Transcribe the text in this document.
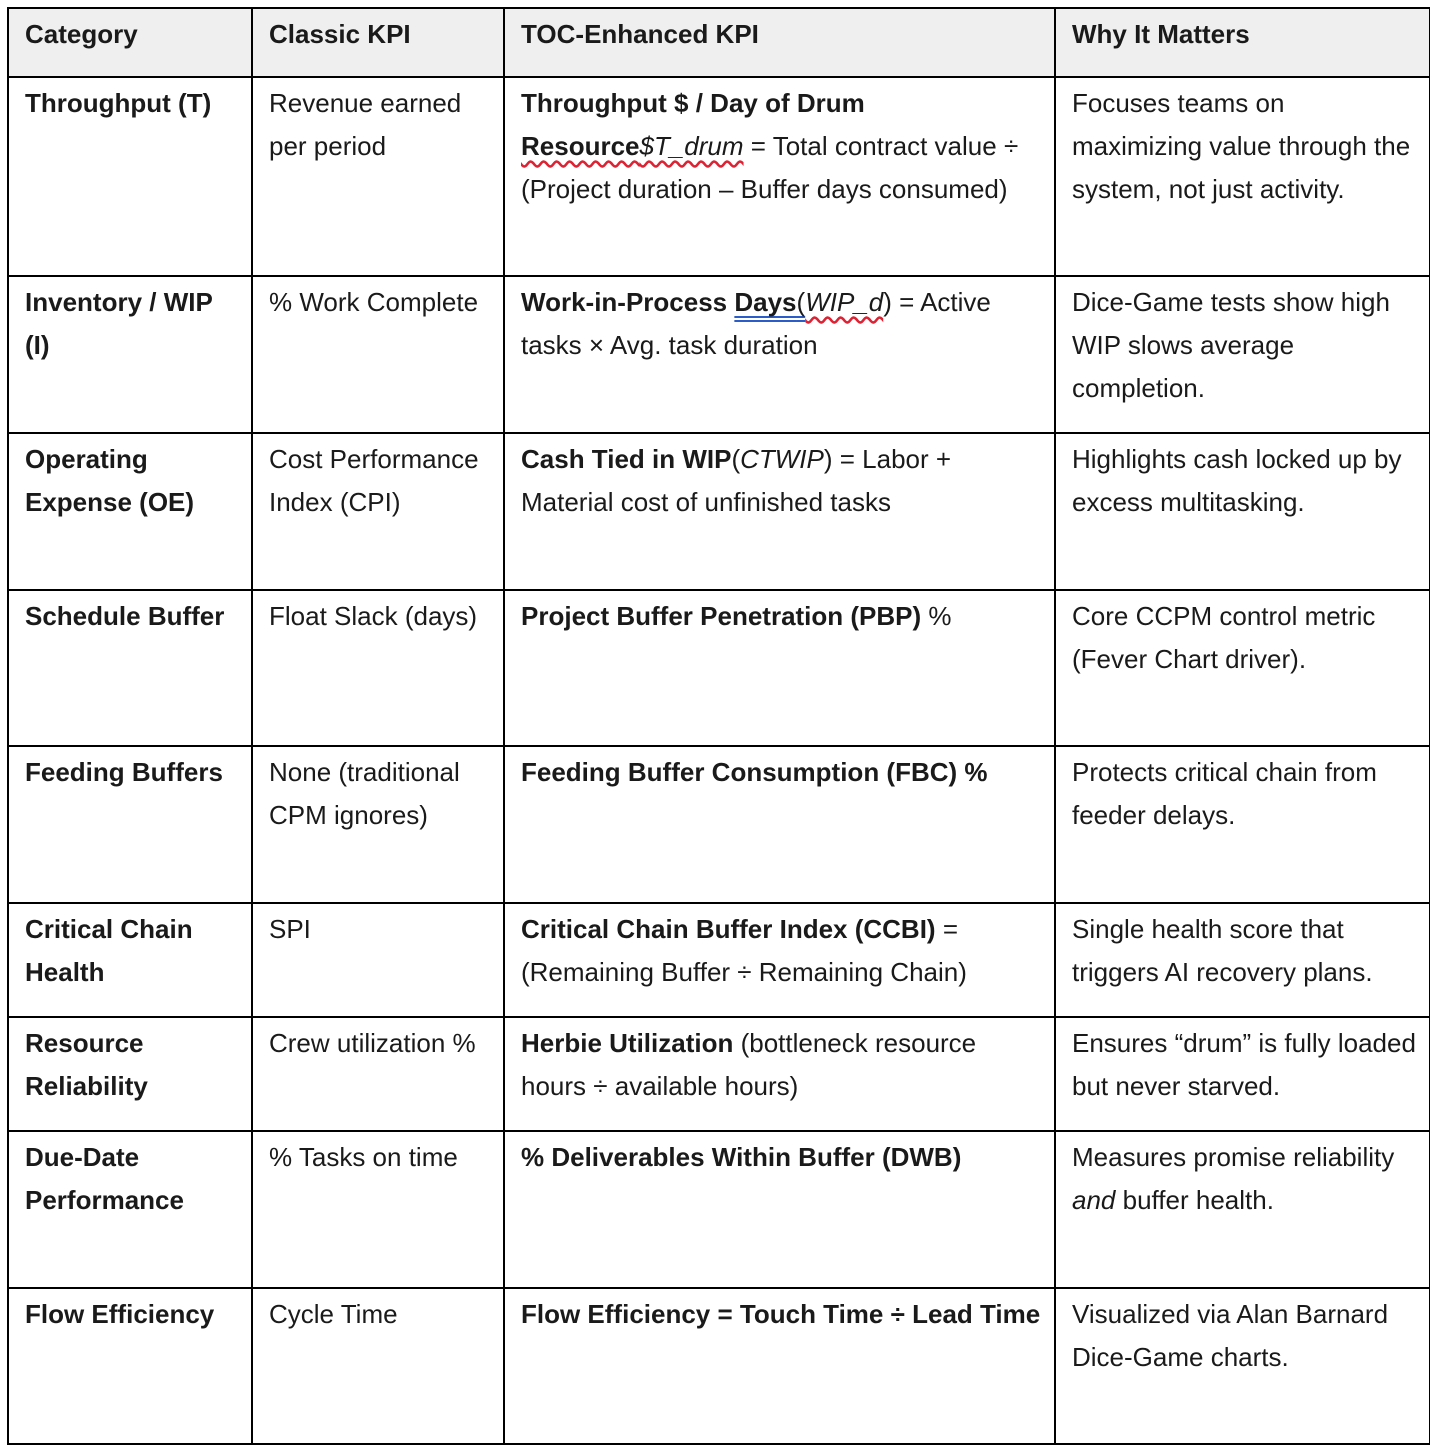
Category	Classic KPI	TOC-Enhanced KPI	Why It Matters
Throughput (T)	Revenue earned per period	Throughput $ / Day of Drum Resource$T_drum = Total contract value ÷ (Project duration – Buffer days consumed)	Focuses teams on maximizing value through the system, not just activity.
Inventory / WIP (I)	% Work Complete	Work-in-Process Days(WIP_d) = Active tasks × Avg. task duration	Dice-Game tests show high WIP slows average completion.
Operating Expense (OE)	Cost Performance Index (CPI)	Cash Tied in WIP(CTWIP) = Labor + Material cost of unfinished tasks	Highlights cash locked up by excess multitasking.
Schedule Buffer	Float Slack (days)	Project Buffer Penetration (PBP) %	Core CCPM control metric (Fever Chart driver).
Feeding Buffers	None (traditional CPM ignores)	Feeding Buffer Consumption (FBC) %	Protects critical chain from feeder delays.
Critical Chain Health	SPI	Critical Chain Buffer Index (CCBI) = (Remaining Buffer ÷ Remaining Chain)	Single health score that triggers AI recovery plans.
Resource Reliability	Crew utilization %	Herbie Utilization (bottleneck resource hours ÷ available hours)	Ensures “drum” is fully loaded but never starved.
Due-Date Performance	% Tasks on time	% Deliverables Within Buffer (DWB)	Measures promise reliability and buffer health.
Flow Efficiency	Cycle Time	Flow Efficiency = Touch Time ÷ Lead Time	Visualized via Alan Barnard Dice-Game charts.
